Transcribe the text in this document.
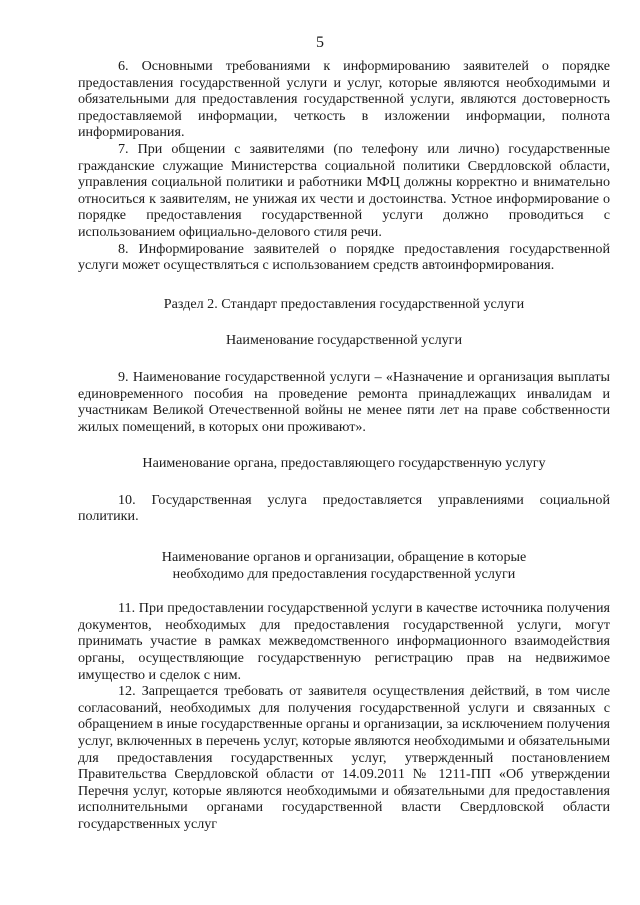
5

6. Основными требованиями к информированию заявителей о порядке предоставления государственной услуги и услуг, которые являются необходимыми и обязательными для предоставления государственной услуги, являются достоверность предоставляемой информации, четкость в изложении информации, полнота информирования.

7. При общении с заявителями (по телефону или лично) государственные гражданские служащие Министерства социальной политики Свердловской области, управления социальной политики и работники МФЦ должны корректно и внимательно относиться к заявителям, не унижая их чести и достоинства. Устное информирование о порядке предоставления государственной услуги должно проводиться с использованием официально-делового стиля речи.

8. Информирование заявителей о порядке предоставления государственной услуги может осуществляться с использованием средств автоинформирования.

Раздел 2. Стандарт предоставления государственной услуги

Наименование государственной услуги

9. Наименование государственной услуги – «Назначение и организация выплаты единовременного пособия на проведение ремонта принадлежащих инвалидам и участникам Великой Отечественной войны не менее пяти лет на праве собственности жилых помещений, в которых они проживают».

Наименование органа, предоставляющего государственную услугу

10. Государственная услуга предоставляется управлениями социальной политики.

Наименование органов и организации, обращение в которые

необходимо для предоставления государственной услуги

11. При предоставлении государственной услуги в качестве источника получения документов, необходимых для предоставления государственной услуги, могут принимать участие в рамках межведомственного информационного взаимодействия органы, осуществляющие государственную регистрацию прав на недвижимое имущество и сделок с ним.

12. Запрещается требовать от заявителя осуществления действий, в том числе согласований, необходимых для получения государственной услуги и связанных с обращением в иные государственные органы и организации, за исключением получения услуг, включенных в перечень услуг, которые являются необходимыми и обязательными для предоставления государственных услуг, утвержденный постановлением Правительства Свердловской области от 14.09.2011 № 1211-ПП «Об утверждении Перечня услуг, которые являются необходимыми и обязательными для предоставления исполнительными органами государственной власти Свердловской области государственных услуг
